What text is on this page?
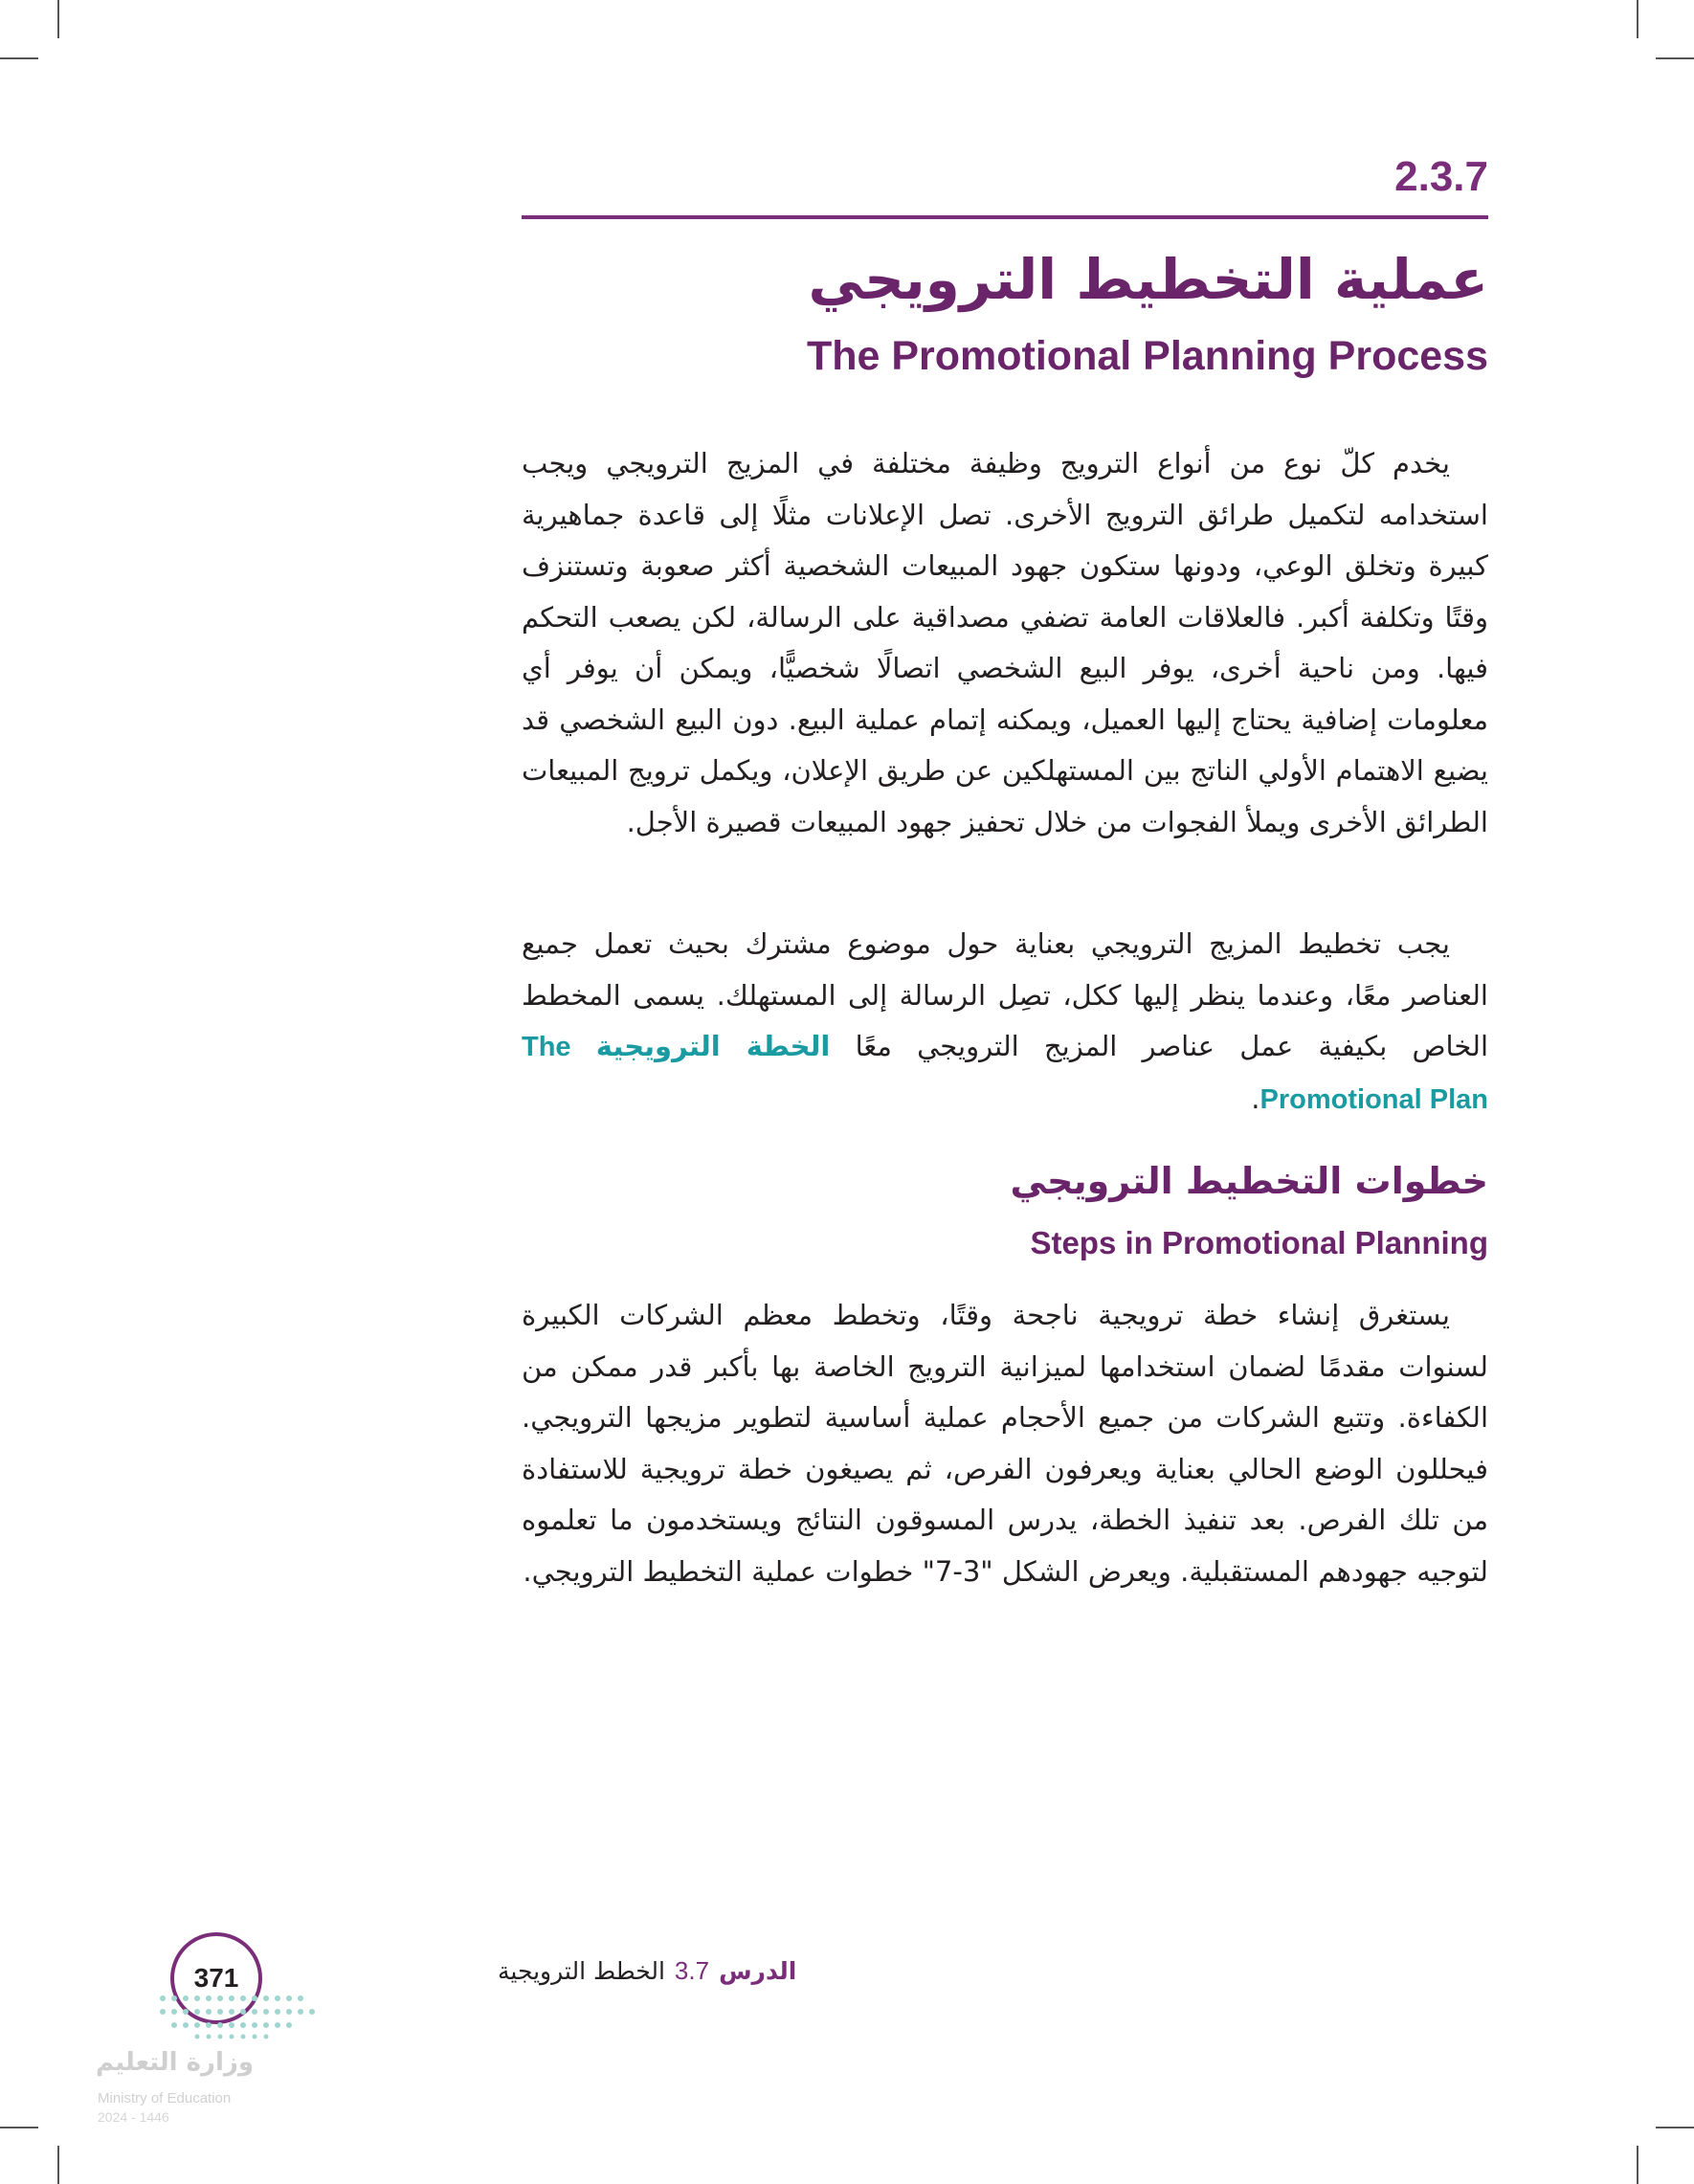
2.3.7
عملية التخطيط الترويجي
The Promotional Planning Process
يخدم كلّ نوع من أنواع الترويج وظيفة مختلفة في المزيج الترويجي ويجب استخدامه لتكميل طرائق الترويج الأخرى. تصل الإعلانات مثلًا إلى قاعدة جماهيرية كبيرة وتخلق الوعي، ودونها ستكون جهود المبيعات الشخصية أكثر صعوبة وتستنزف وقتًا وتكلفة أكبر. فالعلاقات العامة تضفي مصداقية على الرسالة، لكن يصعب التحكم فيها. ومن ناحية أخرى، يوفر البيع الشخصي اتصالًا شخصيًّا، ويمكن أن يوفر أي معلومات إضافية يحتاج إليها العميل، ويمكنه إتمام عملية البيع. دون البيع الشخصي قد يضيع الاهتمام الأولي الناتج بين المستهلكين عن طريق الإعلان، ويكمل ترويج المبيعات الطرائق الأخرى ويملأ الفجوات من خلال تحفيز جهود المبيعات قصيرة الأجل.
يجب تخطيط المزيج الترويجي بعناية حول موضوع مشترك بحيث تعمل جميع العناصر معًا، وعندما ينظر إليها ككل، تصِل الرسالة إلى المستهلك. يسمى المخطط الخاص بكيفية عمل عناصر المزيج الترويجي معًا الخطة الترويجية The Promotional Plan.
خطوات التخطيط الترويجي
Steps in Promotional Planning
يستغرق إنشاء خطة ترويجية ناجحة وقتًا، وتخطط معظم الشركات الكبيرة لسنوات مقدمًا لضمان استخدامها لميزانية الترويج الخاصة بها بأكبر قدر ممكن من الكفاءة. وتتبع الشركات من جميع الأحجام عملية أساسية لتطوير مزيجها الترويجي. فيحللون الوضع الحالي بعناية ويعرفون الفرص، ثم يصيغون خطة ترويجية للاستفادة من تلك الفرص. بعد تنفيذ الخطة، يدرس المسوقون النتائج ويستخدمون ما تعلموه لتوجيه جهودهم المستقبلية. ويعرض الشكل "3-7" خطوات عملية التخطيط الترويجي.
الدرس3.7الخطط الترويجية
371
وزارة التعليم
Ministry of Education
2024 - 1446
